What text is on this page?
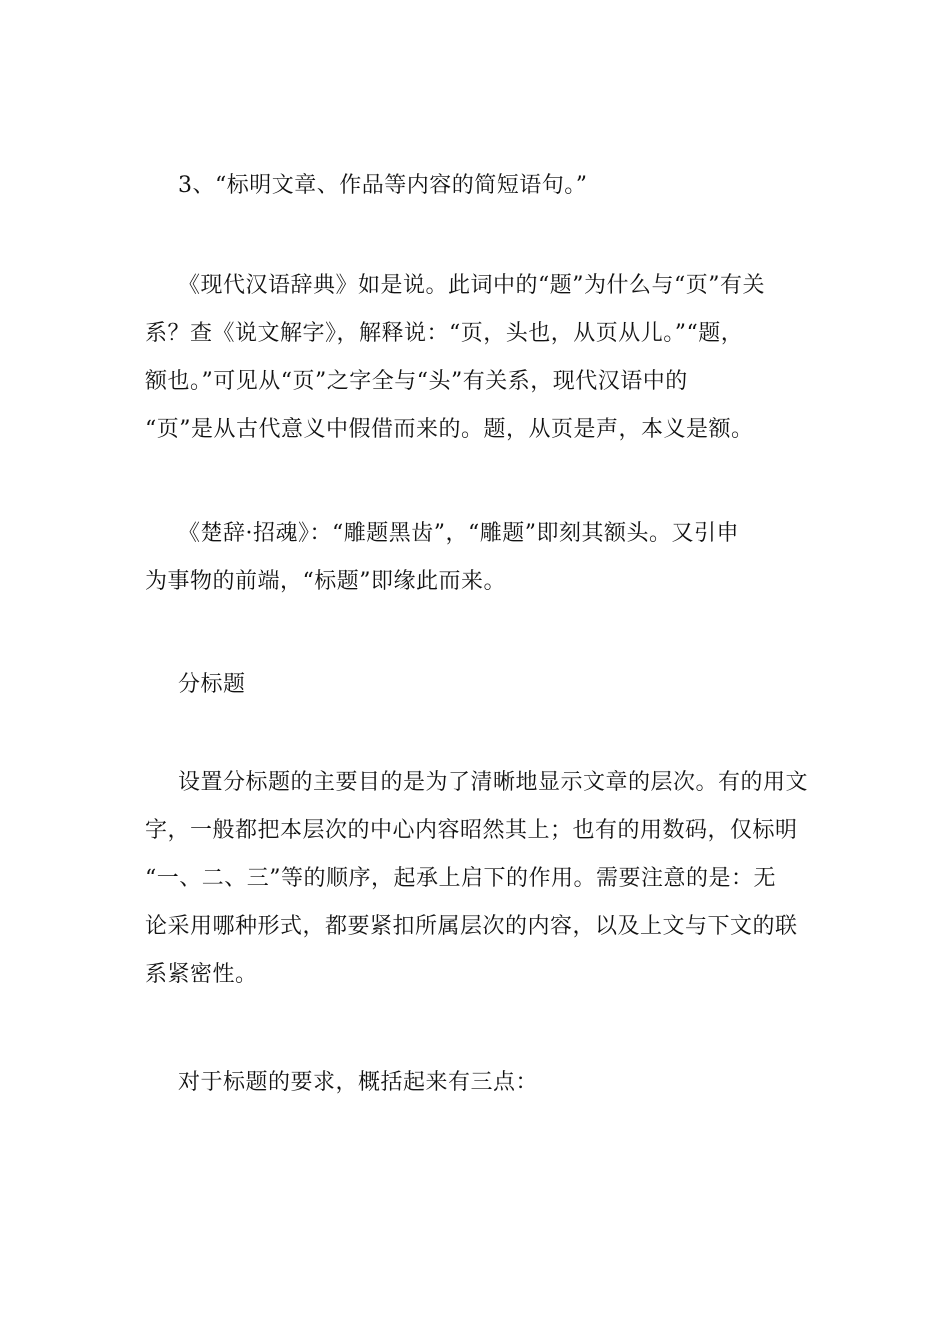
3、“标明文章、作品等内容的简短语句。”

《现代汉语辞典》如是说。此词中的“题”为什么与“页”有关
系？查《说文解字》，解释说：“页，头也，从页从儿。”“题，
额也。”可见从“页”之字全与“头”有关系，现代汉语中的
“页”是从古代意义中假借而来的。题，从页是声，本义是额。
《楚辞·招魂》：“雕题黑齿”，“雕题”即刻其额头。又引申
为事物的前端，“标题”即缘此而来。

分标题

设置分标题的主要目的是为了清晰地显示文章的层次。有的用文
字，一般都把本层次的中心内容昭然其上；也有的用数码，仅标明
“一、二、三”等的顺序，起承上启下的作用。需要注意的是：无
论采用哪种形式，都要紧扣所属层次的内容，以及上文与下文的联
系紧密性。

对于标题的要求，概括起来有三点：
